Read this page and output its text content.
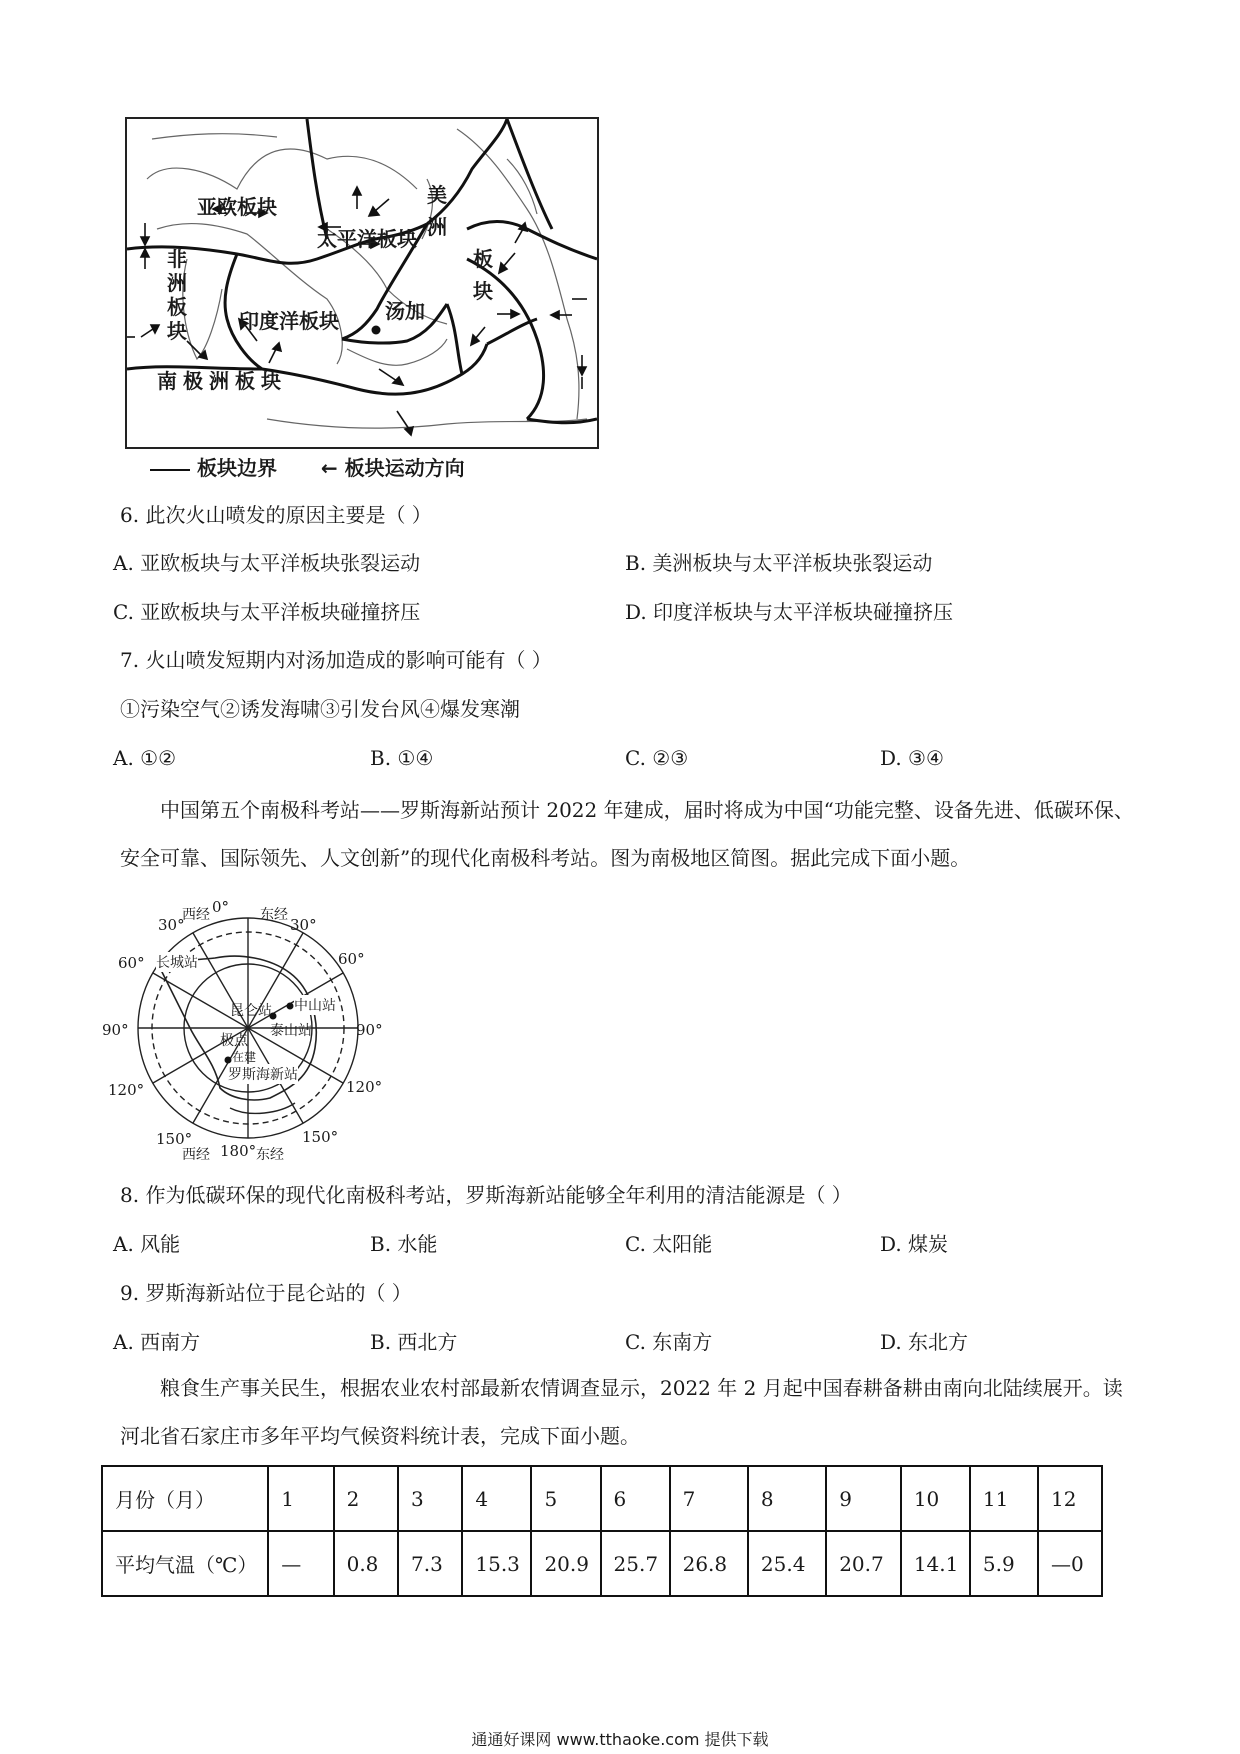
亚欧板块
太平洋板块
印度洋板块
南极洲板块
汤加
非
洲
板
块
美
洲
板
块
板块边界 ← 板块运动方向
6. 此次火山喷发的原因主要是（ ）
A. 亚欧板块与太平洋板块张裂运动	B. 美洲板块与太平洋板块张裂运动
C. 亚欧板块与太平洋板块碰撞挤压	D. 印度洋板块与太平洋板块碰撞挤压
7. 火山喷发短期内对汤加造成的影响可能有（ ）
①污染空气②诱发海啸③引发台风④爆发寒潮
A. ①②	B. ①④	C. ②③	D. ③④
中国第五个南极科考站——罗斯海新站预计 2022 年建成，届时将成为中国“功能完整、设备先进、低碳环保、安全可靠、国际领先、人文创新”的现代化南极科考站。图为南极地区简图。据此完成下面小题。
0°
西经	东经
30°	30°
60°	60°
90°	90°
120°	120°
150°	150°
西经 180° 东经
长城站
昆仑站 中山站
泰山站
极点
在建
罗斯海新站
8. 作为低碳环保的现代化南极科考站，罗斯海新站能够全年利用的清洁能源是（ ）
A. 风能	B. 水能	C. 太阳能	D. 煤炭
9. 罗斯海新站位于昆仑站的（ ）
A. 西南方	B. 西北方	C. 东南方	D. 东北方
粮食生产事关民生，根据农业农村部最新农情调查显示，2022 年 2 月起中国春耕备耕由南向北陆续展开。读河北省石家庄市多年平均气候资料统计表，完成下面小题。
月份（月）	1	2	3	4	5	6	7	8	9	10	11	12
平均气温（℃）	—	0.8	7.3	15.3	20.9	25.7	26.8	25.4	20.7	14.1	5.9	—0
通通好课网 www.tthaoke.com 提供下载
